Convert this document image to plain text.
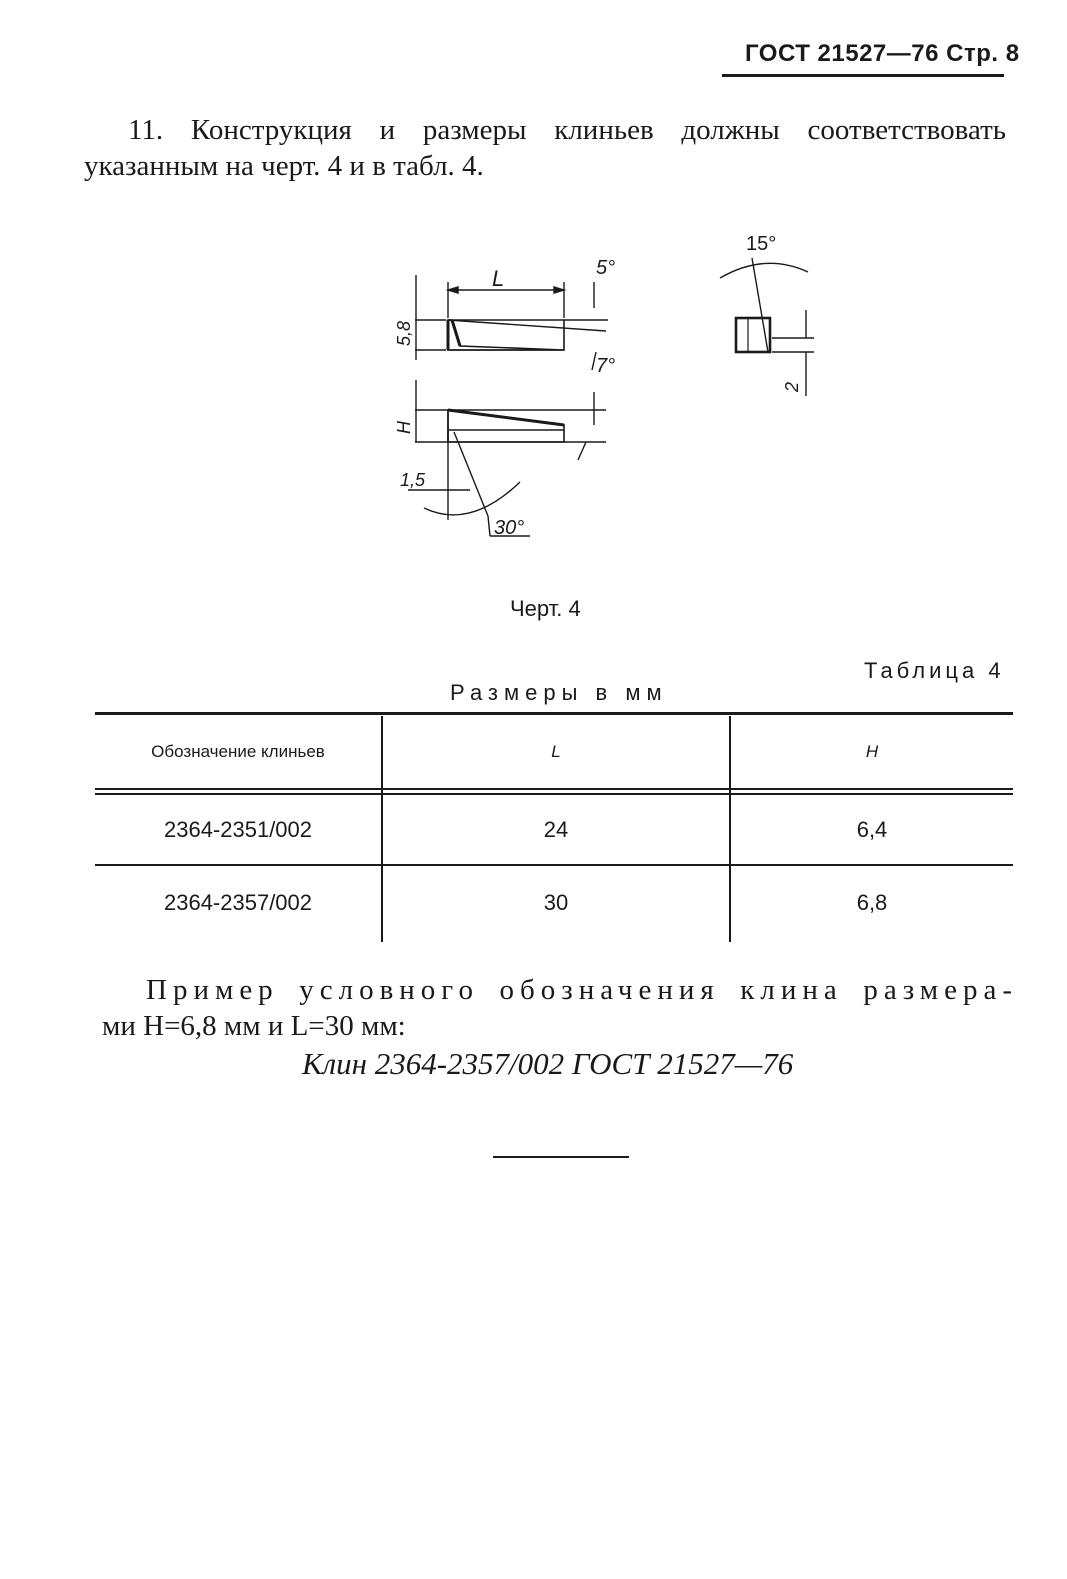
ГОСТ 21527—76 Стр. 8
11. Конструкция и размеры клиньев должны соответствовать
указанным на черт. 4 и в табл. 4.
L	5°
7°
15°
30°
5,8
H
1,5
2
Черт. 4
Таблица 4
Размеры в мм
Обозначение клиньев	L	H
2364-2351/002	24	6,4
2364-2357/002	30	6,8
Пример условного обозначения клина размера-
ми H=6,8 мм и L=30 мм:
Клин 2364-2357/002 ГОСТ 21527—76
